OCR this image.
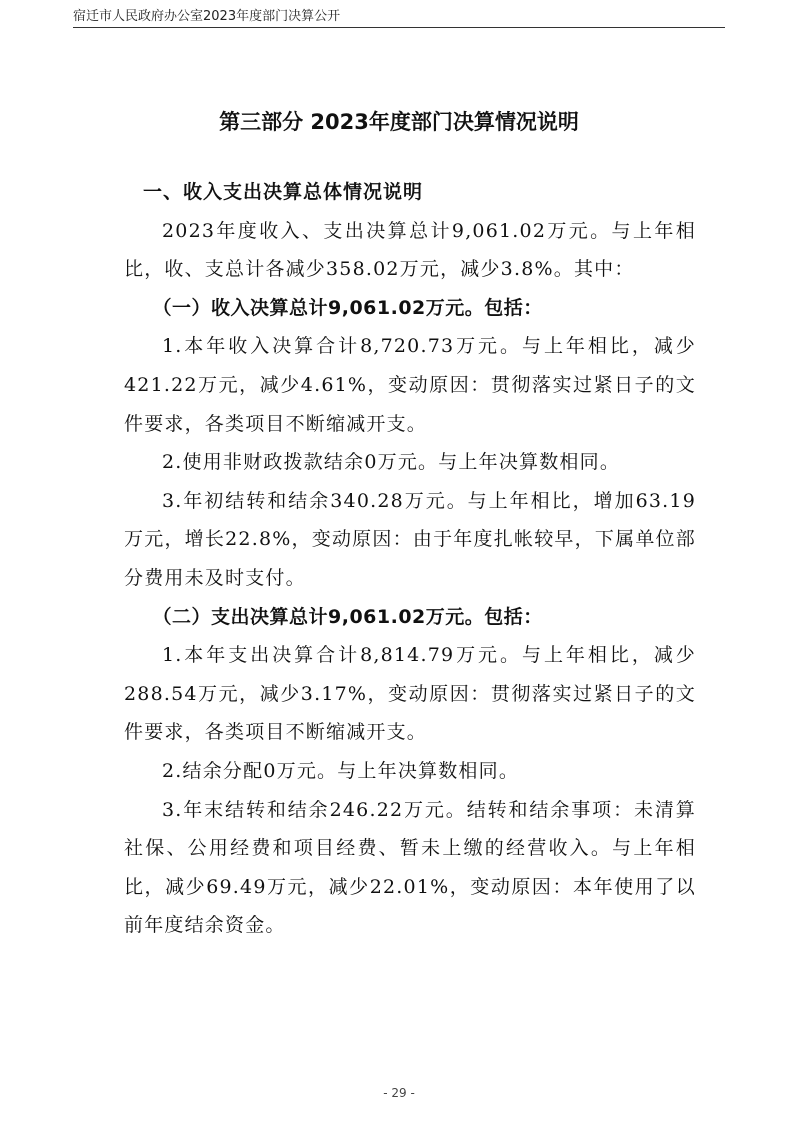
宿迁市人民政府办公室2023年度部门决算公开
第三部分 2023年度部门决算情况说明

一、收入支出决算总体情况说明

2023年度收入、支出决算总计9,061.02万元。与上年相比，收、支总计各减少358.02万元，减少3.8%。其中：

（一）收入决算总计9,061.02万元。包括：

1.本年收入决算合计8,720.73万元。与上年相比，减少421.22万元，减少4.61%，变动原因：贯彻落实过紧日子的文件要求，各类项目不断缩减开支。

2.使用非财政拨款结余0万元。与上年决算数相同。

3.年初结转和结余340.28万元。与上年相比，增加63.19万元，增长22.8%，变动原因：由于年度扎帐较早，下属单位部分费用未及时支付。

（二）支出决算总计9,061.02万元。包括：

1.本年支出决算合计8,814.79万元。与上年相比，减少288.54万元，减少3.17%，变动原因：贯彻落实过紧日子的文件要求，各类项目不断缩减开支。

2.结余分配0万元。与上年决算数相同。

3.年末结转和结余246.22万元。结转和结余事项：未清算社保、公用经费和项目经费、暂未上缴的经营收入。与上年相比，减少69.49万元，减少22.01%，变动原因：本年使用了以前年度结余资金。

- 29 -
